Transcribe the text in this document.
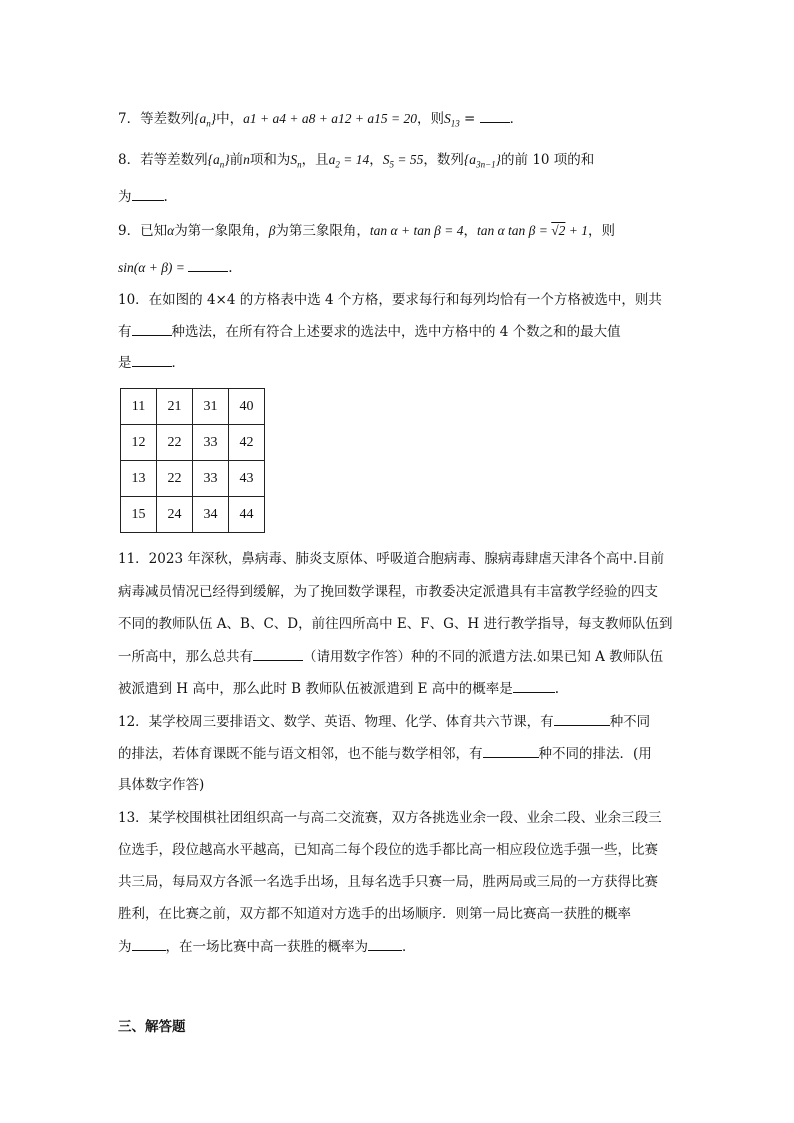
7．等差数列$\{a_n\}$中，a1 + a4 + a8 + a12 + a15 = 20，则$S_{13}$ = ．
8．若等差数列$\{a_n\}$前n项和为$S_n$，且$a_2 = 14$，$S_5 = 55$，数列$\{a_{3n-1}\}$的前 10 项的和
为 .
9．已知α为第一象限角，β为第三象限角，tan α + tan β = 4，tan α tan β = √2 + 1，则
sin(α + β) =	.
10．在如图的 4×4 的方格表中选 4 个方格，要求每行和每列均恰有一个方格被选中，则共
有	种选法，在所有符合上述要求的选法中，选中方格中的 4 个数之和的最大值
是	．
11	21	31	40
12	22	33	42
13	22	33	43
15	24	34	44
11．2023 年深秋，鼻病毒、肺炎支原体、呼吸道合胞病毒、腺病毒肆虐天津各个高中.目前
病毒减员情况已经得到缓解，为了挽回数学课程，市教委决定派遣具有丰富教学经验的四支
不同的教师队伍 A、B、C、D，前往四所高中 E、F、G、H 进行教学指导，每支教师队伍到
一所高中，那么总共有	（请用数字作答）种的不同的派遣方法.如果已知 A 教师队伍
被派遣到 H 高中，那么此时 B 教师队伍被派遣到 E 高中的概率是	.
12．某学校周三要排语文、数学、英语、物理、化学、体育共六节课，有	种不同
的排法，若体育课既不能与语文相邻，也不能与数学相邻，有	种不同的排法．(用
具体数字作答)
13．某学校围棋社团组织高一与高二交流赛，双方各挑选业余一段、业余二段、业余三段三
位选手，段位越高水平越高，已知高二每个段位的选手都比高一相应段位选手强一些，比赛
共三局，每局双方各派一名选手出场，且每名选手只赛一局，胜两局或三局的一方获得比赛
胜利，在比赛之前，双方都不知道对方选手的出场顺序．则第一局比赛高一获胜的概率
为	，在一场比赛中高一获胜的概率为	．
三、解答题
